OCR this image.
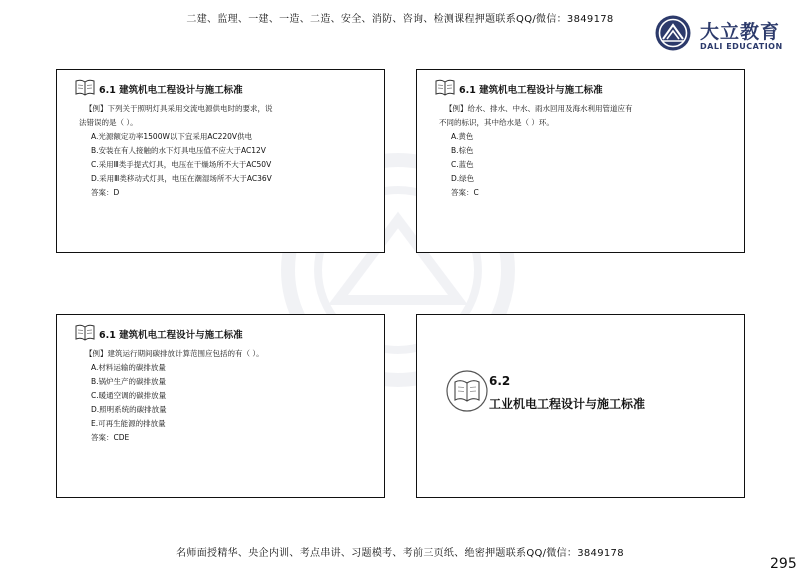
二建、监理、一建、一造、二造、安全、消防、咨询、检测课程押题联系QQ/微信：3849178
大立教育
DALI EDUCATION
6.1 建筑机电工程设计与施工标准
【例】下列关于照明灯具采用交流电源供电时的要求，说
法错误的是（ ）。
A.光源额定功率1500W以下宜采用AC220V供电
B.安装在有人接触的水下灯具电压值不应大于AC12V
C.采用Ⅲ类手提式灯具，电压在干燥场所不大于AC50V
D.采用Ⅲ类移动式灯具，电压在潮湿场所不大于AC36V
答案：D
6.1 建筑机电工程设计与施工标准
【例】给水、排水、中水、雨水回用及海水利用管道应有
不同的标识，其中给水是（ ）环。
A.黄色
B.棕色
C.蓝色
D.绿色
答案：C
6.1 建筑机电工程设计与施工标准
【例】建筑运行期间碳排放计算范围应包括的有（ ）。
A.材料运输的碳排放量
B.锅炉生产的碳排放量
C.暖通空调的碳排放量
D.照明系统的碳排放量
E.可再生能源的排放量
答案：CDE
6.2
工业机电工程设计与施工标准
名师面授精华、央企内训、考点串讲、习题模考、考前三页纸、绝密押题联系QQ/微信：3849178
295
